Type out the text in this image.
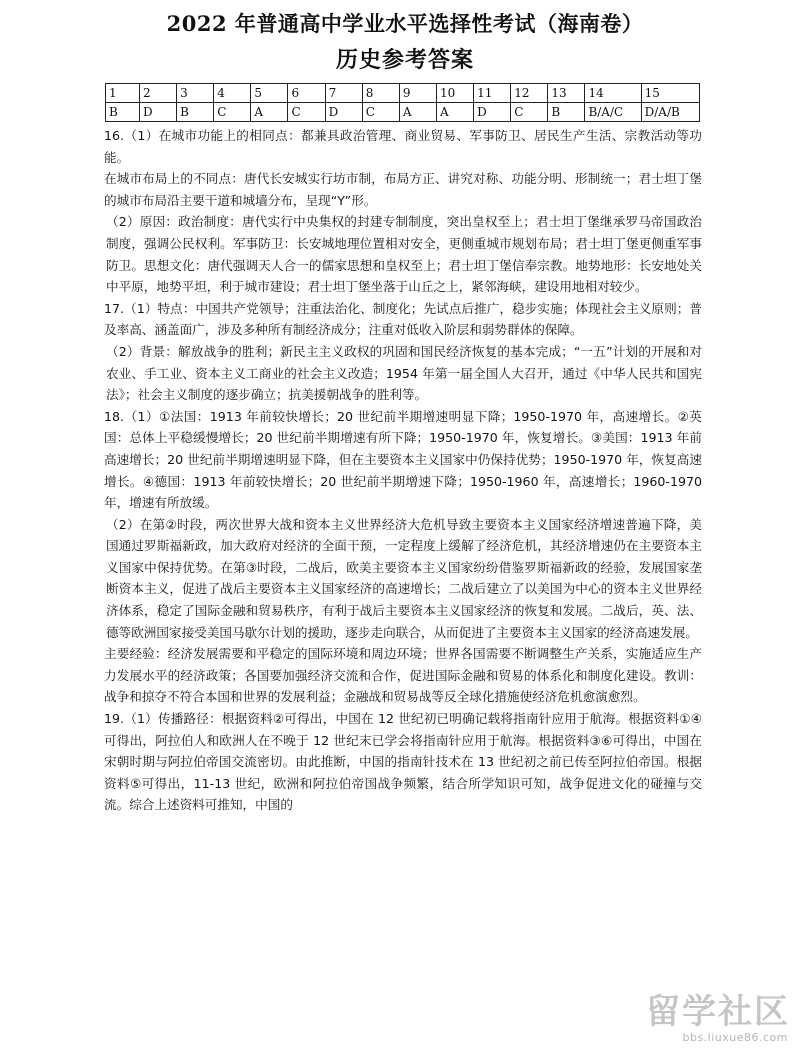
2022 年普通高中学业水平选择性考试（海南卷）
历史参考答案
1	2	3	4	5	6	7	8	9	10	11	12	13	14	15
B	D	B	C	A	C	D	C	A	A	D	C	B	B/A/C	D/A/B

16.（1）在城市功能上的相同点：都兼具政治管理、商业贸易、军事防卫、居民生产生活、宗教活动等功能。

在城市布局上的不同点：唐代长安城实行坊市制，布局方正、讲究对称、功能分明、形制统一；君士坦丁堡的城市布局沿主要干道和城墙分布，呈现“Y”形。

（2）原因：政治制度：唐代实行中央集权的封建专制制度，突出皇权至上；君士坦丁堡继承罗马帝国政治制度，强调公民权利。军事防卫：长安城地理位置相对安全，更侧重城市规划布局；君士坦丁堡更侧重军事防卫。思想文化：唐代强调天人合一的儒家思想和皇权至上；君士坦丁堡信奉宗教。地势地形：长安地处关中平原，地势平坦，利于城市建设；君士坦丁堡坐落于山丘之上，紧邻海峡，建设用地相对较少。

17.（1）特点：中国共产党领导；注重法治化、制度化；先试点后推广，稳步实施；体现社会主义原则；普及率高、涵盖面广，涉及多种所有制经济成分；注重对低收入阶层和弱势群体的保障。

（2）背景：解放战争的胜利；新民主主义政权的巩固和国民经济恢复的基本完成；“一五”计划的开展和对农业、手工业、资本主义工商业的社会主义改造；1954 年第一届全国人大召开，通过《中华人民共和国宪法》；社会主义制度的逐步确立；抗美援朝战争的胜利等。

18.（1）①法国：1913 年前较快增长；20 世纪前半期增速明显下降；1950-1970 年，高速增长。②英国：总体上平稳缓慢增长；20 世纪前半期增速有所下降；1950-1970 年，恢复增长。③美国：1913 年前高速增长；20 世纪前半期增速明显下降，但在主要资本主义国家中仍保持优势；1950-1970 年，恢复高速增长。④德国：1913 年前较快增长；20 世纪前半期增速下降；1950-1960 年，高速增长；1960-1970 年，增速有所放缓。

（2）在第②时段，两次世界大战和资本主义世界经济大危机导致主要资本主义国家经济增速普遍下降，美国通过罗斯福新政，加大政府对经济的全面干预，一定程度上缓解了经济危机，其经济增速仍在主要资本主义国家中保持优势。在第③时段，二战后，欧美主要资本主义国家纷纷借鉴罗斯福新政的经验，发展国家垄断资本主义，促进了战后主要资本主义国家经济的高速增长；二战后建立了以美国为中心的资本主义世界经济体系，稳定了国际金融和贸易秩序，有利于战后主要资本主义国家经济的恢复和发展。二战后，英、法、德等欧洲国家接受美国马歇尔计划的援助，逐步走向联合，从而促进了主要资本主义国家的经济高速发展。

主要经验：经济发展需要和平稳定的国际环境和周边环境；世界各国需要不断调整生产关系，实施适应生产力发展水平的经济政策；各国要加强经济交流和合作，促进国际金融和贸易的体系化和制度化建设。教训：战争和掠夺不符合本国和世界的发展利益；金融战和贸易战等反全球化措施使经济危机愈演愈烈。

19.（1）传播路径：根据资料②可得出，中国在 12 世纪初已明确记载将指南针应用于航海。根据资料①④可得出，阿拉伯人和欧洲人在不晚于 12 世纪末已学会将指南针应用于航海。根据资料③⑥可得出，中国在宋朝时期与阿拉伯帝国交流密切。由此推断，中国的指南针技术在 13 世纪初之前已传至阿拉伯帝国。根据资料⑤可得出，11-13 世纪，欧洲和阿拉伯帝国战争频繁，结合所学知识可知，战争促进文化的碰撞与交流。综合上述资料可推知，中国的

留学社区
bbs.liuxue86.com
